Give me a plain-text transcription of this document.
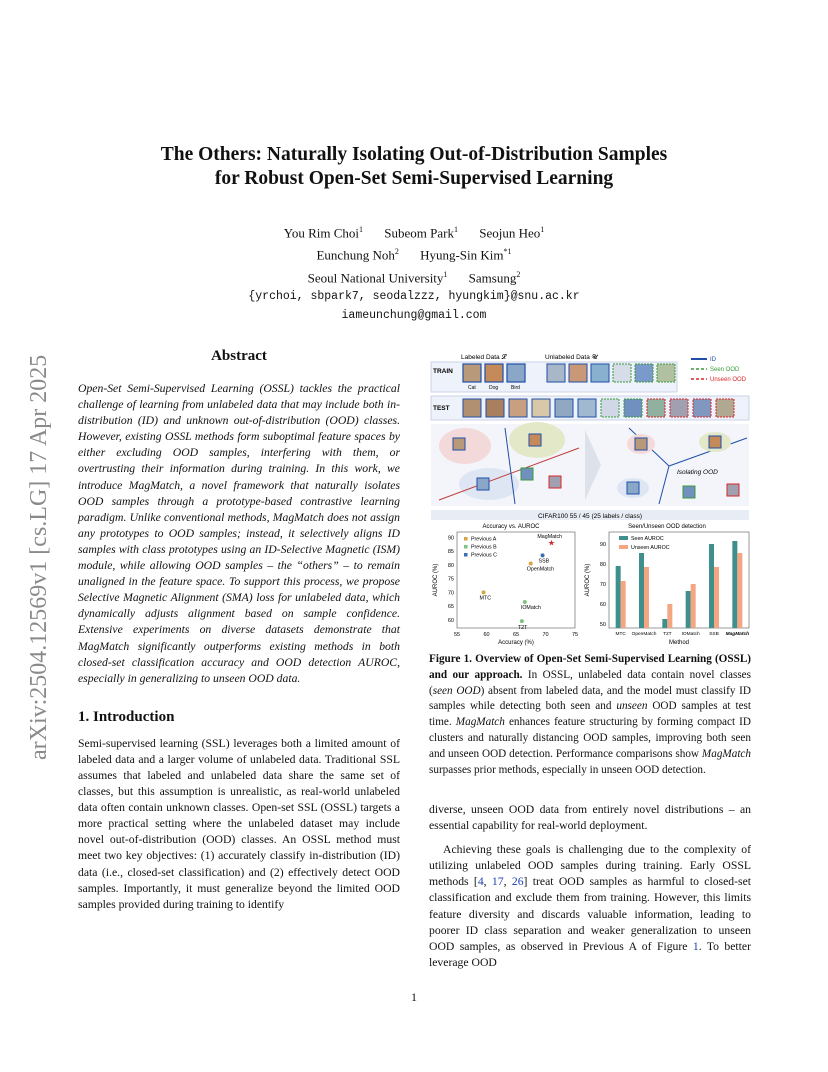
arXiv:2504.12569v1 [cs.LG] 17 Apr 2025
The Others: Naturally Isolating Out-of-Distribution Samples
for Robust Open-Set Semi-Supervised Learning
You Rim Choi$^1$ Subeom Park$^1$ Seojun Heo$^1$
Eunchung Noh$^2$ Hyung-Sin Kim$^{*1}$
Seoul National University$^1$ Samsung$^2$
{yrchoi, sbpark7, seodalzzz, hyungkim}@snu.ac.kr
iameunchung@gmail.com
Abstract

Open-Set Semi-Supervised Learning (OSSL) tackles the practical challenge of learning from unlabeled data that may include both in-distribution (ID) and unknown out-of-distribution (OOD) classes. However, existing OSSL methods form suboptimal feature spaces by either excluding OOD samples, interfering with them, or overtrusting their information during training. In this work, we introduce MagMatch, a novel framework that naturally isolates OOD samples through a prototype-based contrastive learning paradigm. Unlike conventional methods, MagMatch does not assign any prototypes to OOD samples; instead, it selectively aligns ID samples with class prototypes using an ID-Selective Magnetic (ISM) module, while allowing OOD samples – the “others” – to remain unaligned in the feature space. To support this process, we propose Selective Magnetic Alignment (SMA) loss for unlabeled data, which dynamically adjusts alignment based on sample confidence. Extensive experiments on diverse datasets demonstrate that MagMatch significantly outperforms existing methods in both closed-set classification accuracy and OOD detection AUROC, especially in generalizing to unseen OOD data.

1. Introduction

Semi-supervised learning (SSL) leverages both a limited amount of labeled data and a larger volume of unlabeled data. Traditional SSL assumes that labeled and unlabeled data share the same set of classes, but this assumption is unrealistic, as real-world unlabeled data often contain unknown classes. Open-set SSL (OSSL) targets a more practical setting where the unlabeled dataset may include novel out-of-distribution (OOD) classes. An OSSL method must meet two key objectives: (1) accurately classify in-distribution (ID) data (i.e., closed-set classification) and (2) effectively detect OOD samples. Importantly, it must generalize beyond the limited OOD samples provided during training to identify

Labeled Data 𝓛	Unlabeled Data 𝓤
TRAIN
Cat	Dog	Bird
ID
Seen OOD
Unseen OOD
TEST
Isolating OOD
CIFAR100 55 / 45 (25 labels / class)
Accuracy vs. AUROC
55	60	65	70	75
60
65
70
75
80
85
90	Previous A
Previous B
Previous C
MTC
OpenMatch
T2T
IOMatch
SSB
★
MagMatch
Accuracy (%)
AUROC (%)
Seen/Unseen OOD detection
50
60
70
80
90
MTC OpenMatch T2T IOMatch SSB MagMatch
Seen AUROC
Unseen AUROC
Method
AUROC (%)
Figure 1. Overview of Open-Set Semi-Supervised Learning (OSSL) and our approach. In OSSL, unlabeled data contain novel classes (seen OOD) absent from labeled data, and the model must classify ID samples while detecting both seen and unseen OOD samples at test time. MagMatch enhances feature structuring by forming compact ID clusters and naturally distancing OOD samples, improving both seen and unseen OOD detection. Performance comparisons show MagMatch surpasses prior methods, especially in unseen OOD detection.

diverse, unseen OOD data from entirely novel distributions – an essential capability for real-world deployment.

Achieving these goals is challenging due to the complexity of utilizing unlabeled OOD samples during training. Early OSSL methods [4, 17, 26] treat OOD samples as harmful to closed-set classification and exclude them from training. However, this limits feature diversity and discards valuable information, leading to poorer ID class separation and weaker generalization to unseen OOD samples, as observed in Previous A of Figure 1. To better leverage OOD

1
